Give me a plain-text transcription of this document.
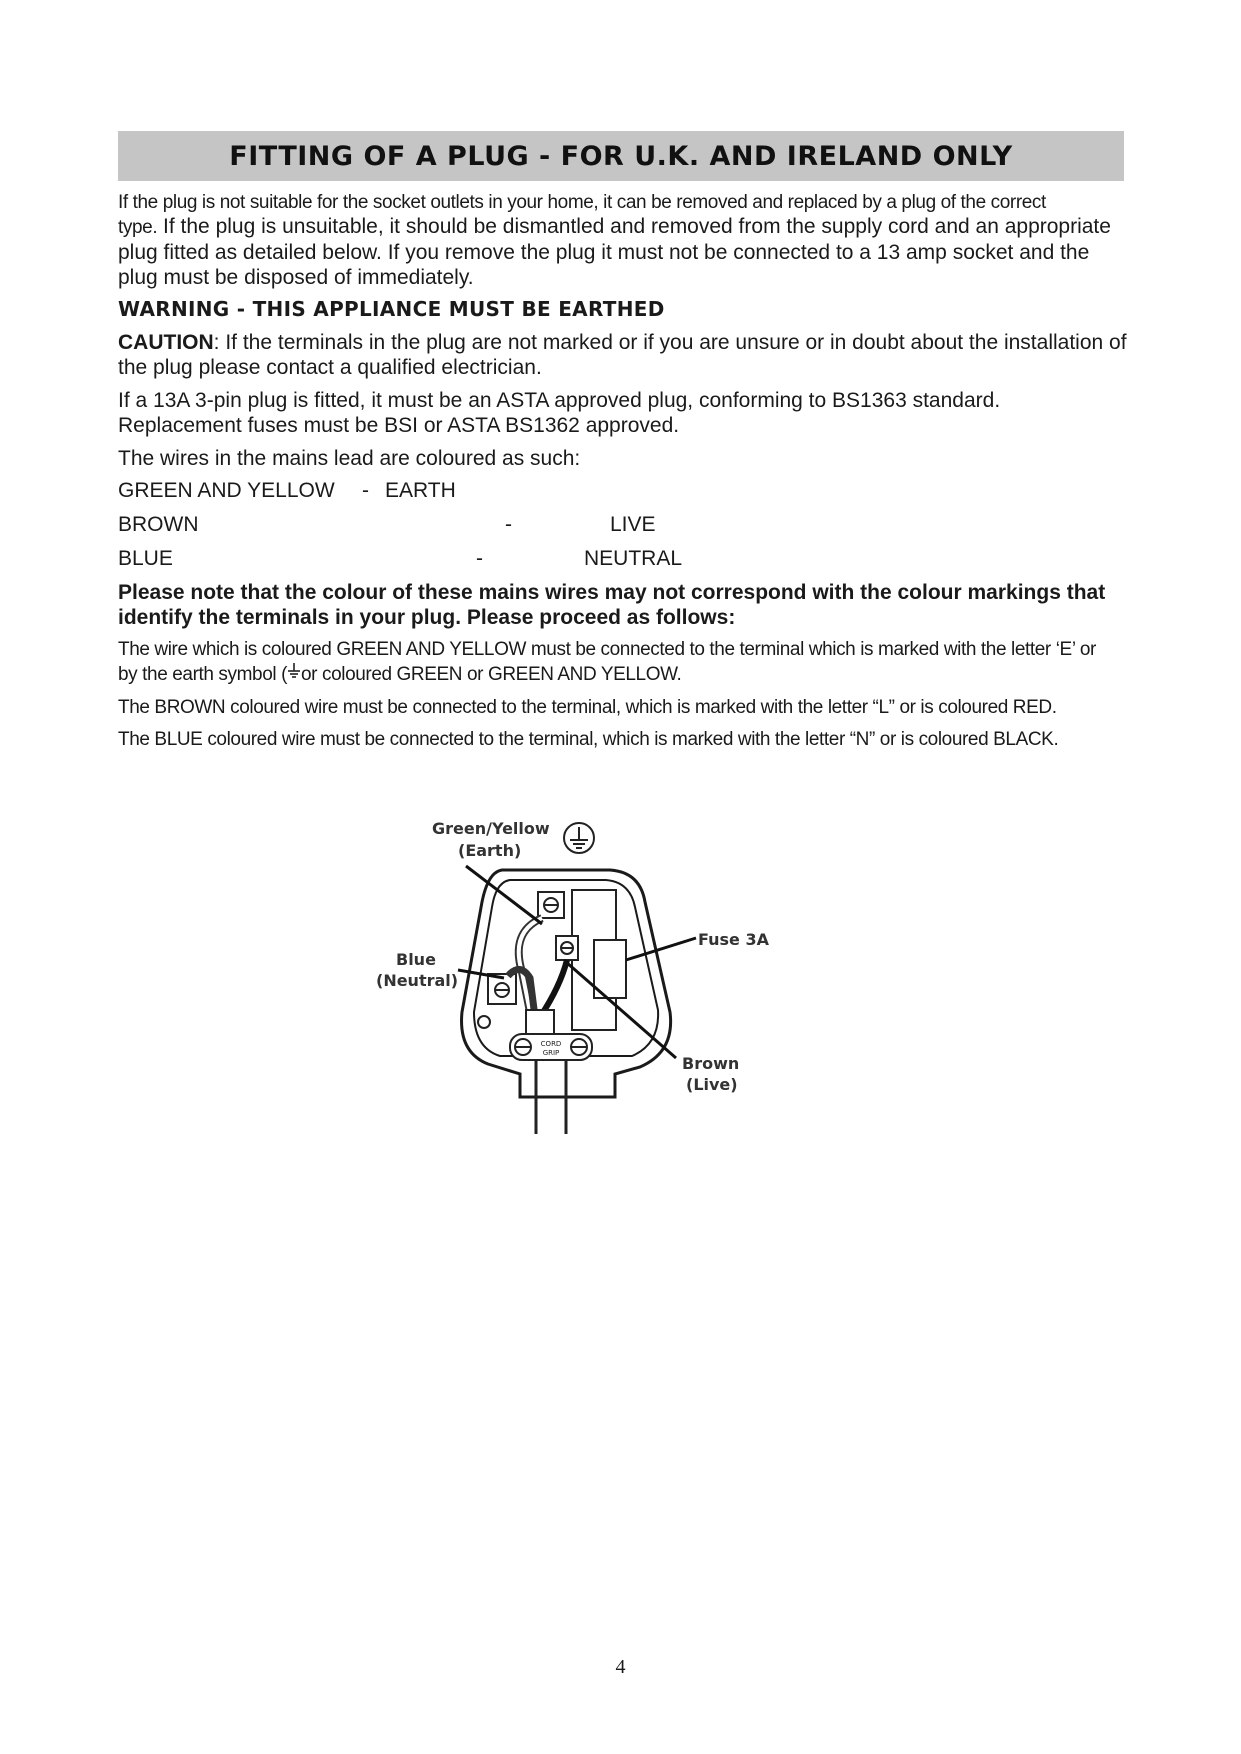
FITTING OF A PLUG - FOR U.K. AND IRELAND ONLY

If the plug is not suitable for the socket outlets in your home, it can be removed and replaced by a plug of the correct

type. If the plug is unsuitable, it should be dismantled and removed from the supply cord and an appropriate plug fitted as detailed below. If you remove the plug it must not be connected to a 13 amp socket and the plug must be disposed of immediately.

WARNING - THIS APPLIANCE MUST BE EARTHED

CAUTION: If the terminals in the plug are not marked or if you are unsure or in doubt about the installation of the plug please contact a qualified electrician.

If a 13A 3-pin plug is fitted, it must be an ASTA approved plug, conforming to BS1363 standard. Replacement fuses must be BSI or ASTA BS1362 approved.

The wires in the mains lead are coloured as such:

GREEN AND YELLOW - EARTH
BROWN	-	LIVE
BLUE	-	NEUTRAL

Please note that the colour of these mains wires may not correspond with the colour markings that identify the terminals in your plug. Please proceed as follows:

The wire which is coloured GREEN AND YELLOW must be connected to the terminal which is marked with the letter ‘E’ or

by the earth symbol ( or coloured GREEN or GREEN AND YELLOW.

The BROWN coloured wire must be connected to the terminal, which is marked with the letter “L” or is coloured RED.

The BLUE coloured wire must be connected to the terminal, which is marked with the letter “N” or is coloured BLACK.

Green/Yellow
(Earth)
Fuse 3A
Blue
(Neutral)
Brown
(Live)
CORD
GRIP
4
